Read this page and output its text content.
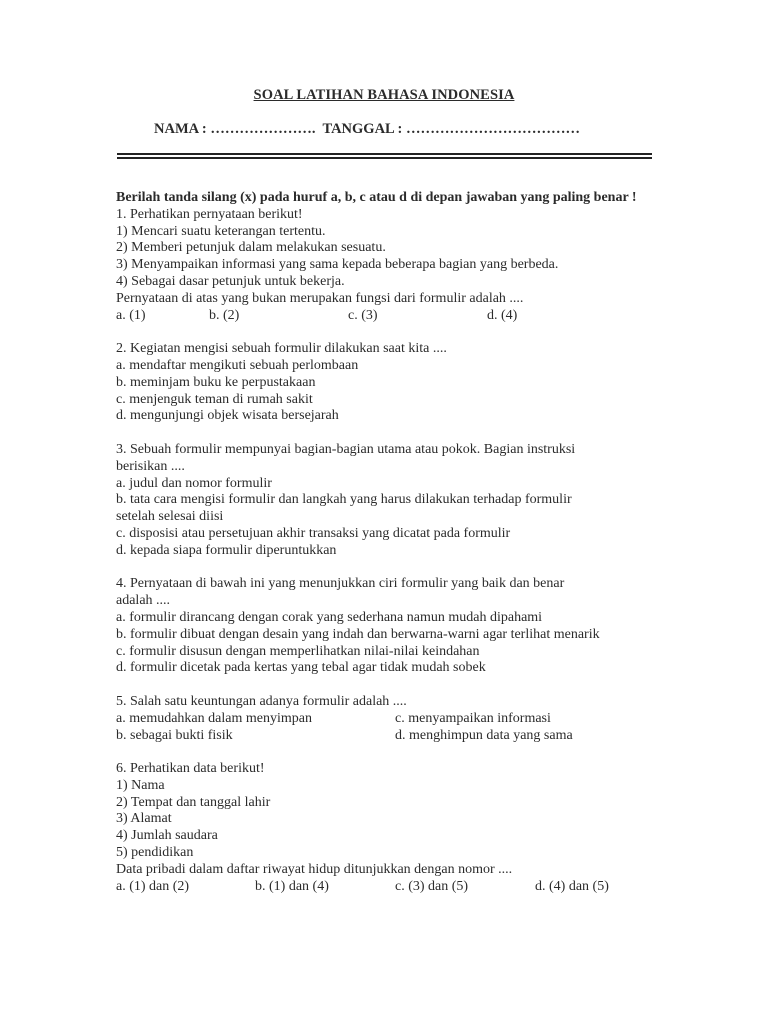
SOAL LATIHAN BAHASA INDONESIA
NAMA : ………………….  TANGGAL : ………………………………
Berilah tanda silang (x) pada huruf a, b, c atau d di depan jawaban yang paling benar !
1. Perhatikan pernyataan berikut!
1) Mencari suatu keterangan tertentu.
2) Memberi petunjuk dalam melakukan sesuatu.
3) Menyampaikan informasi yang sama kepada beberapa bagian yang berbeda.
4) Sebagai dasar petunjuk untuk bekerja.
Pernyataan di atas yang bukan merupakan fungsi dari formulir adalah ....
a. (1)	b. (2)	c. (3)	d. (4)
2. Kegiatan mengisi sebuah formulir dilakukan saat kita ....
a. mendaftar mengikuti sebuah perlombaan
b. meminjam buku ke perpustakaan
c. menjenguk teman di rumah sakit
d. mengunjungi objek wisata bersejarah
3. Sebuah formulir mempunyai bagian-bagian utama atau pokok. Bagian instruksi
berisikan ....
a. judul dan nomor formulir
b. tata cara mengisi formulir dan langkah yang harus dilakukan terhadap formulir
setelah selesai diisi
c. disposisi atau persetujuan akhir transaksi yang dicatat pada formulir
d. kepada siapa formulir diperuntukkan
4. Pernyataan di bawah ini yang menunjukkan ciri formulir yang baik dan benar
adalah ....
a. formulir dirancang dengan corak yang sederhana namun mudah dipahami
b. formulir dibuat dengan desain yang indah dan berwarna-warni agar terlihat menarik
c. formulir disusun dengan memperlihatkan nilai-nilai keindahan
d. formulir dicetak pada kertas yang tebal agar tidak mudah sobek
5. Salah satu keuntungan adanya formulir adalah ....
a. memudahkan dalam menyimpan	c. menyampaikan informasi
b. sebagai bukti fisik	d. menghimpun data yang sama
6. Perhatikan data berikut!
1) Nama
2) Tempat dan tanggal lahir
3) Alamat
4) Jumlah saudara
5) pendidikan
Data pribadi dalam daftar riwayat hidup ditunjukkan dengan nomor ....
a. (1) dan (2)	b. (1) dan (4)	c. (3) dan (5)	d. (4) dan (5)
